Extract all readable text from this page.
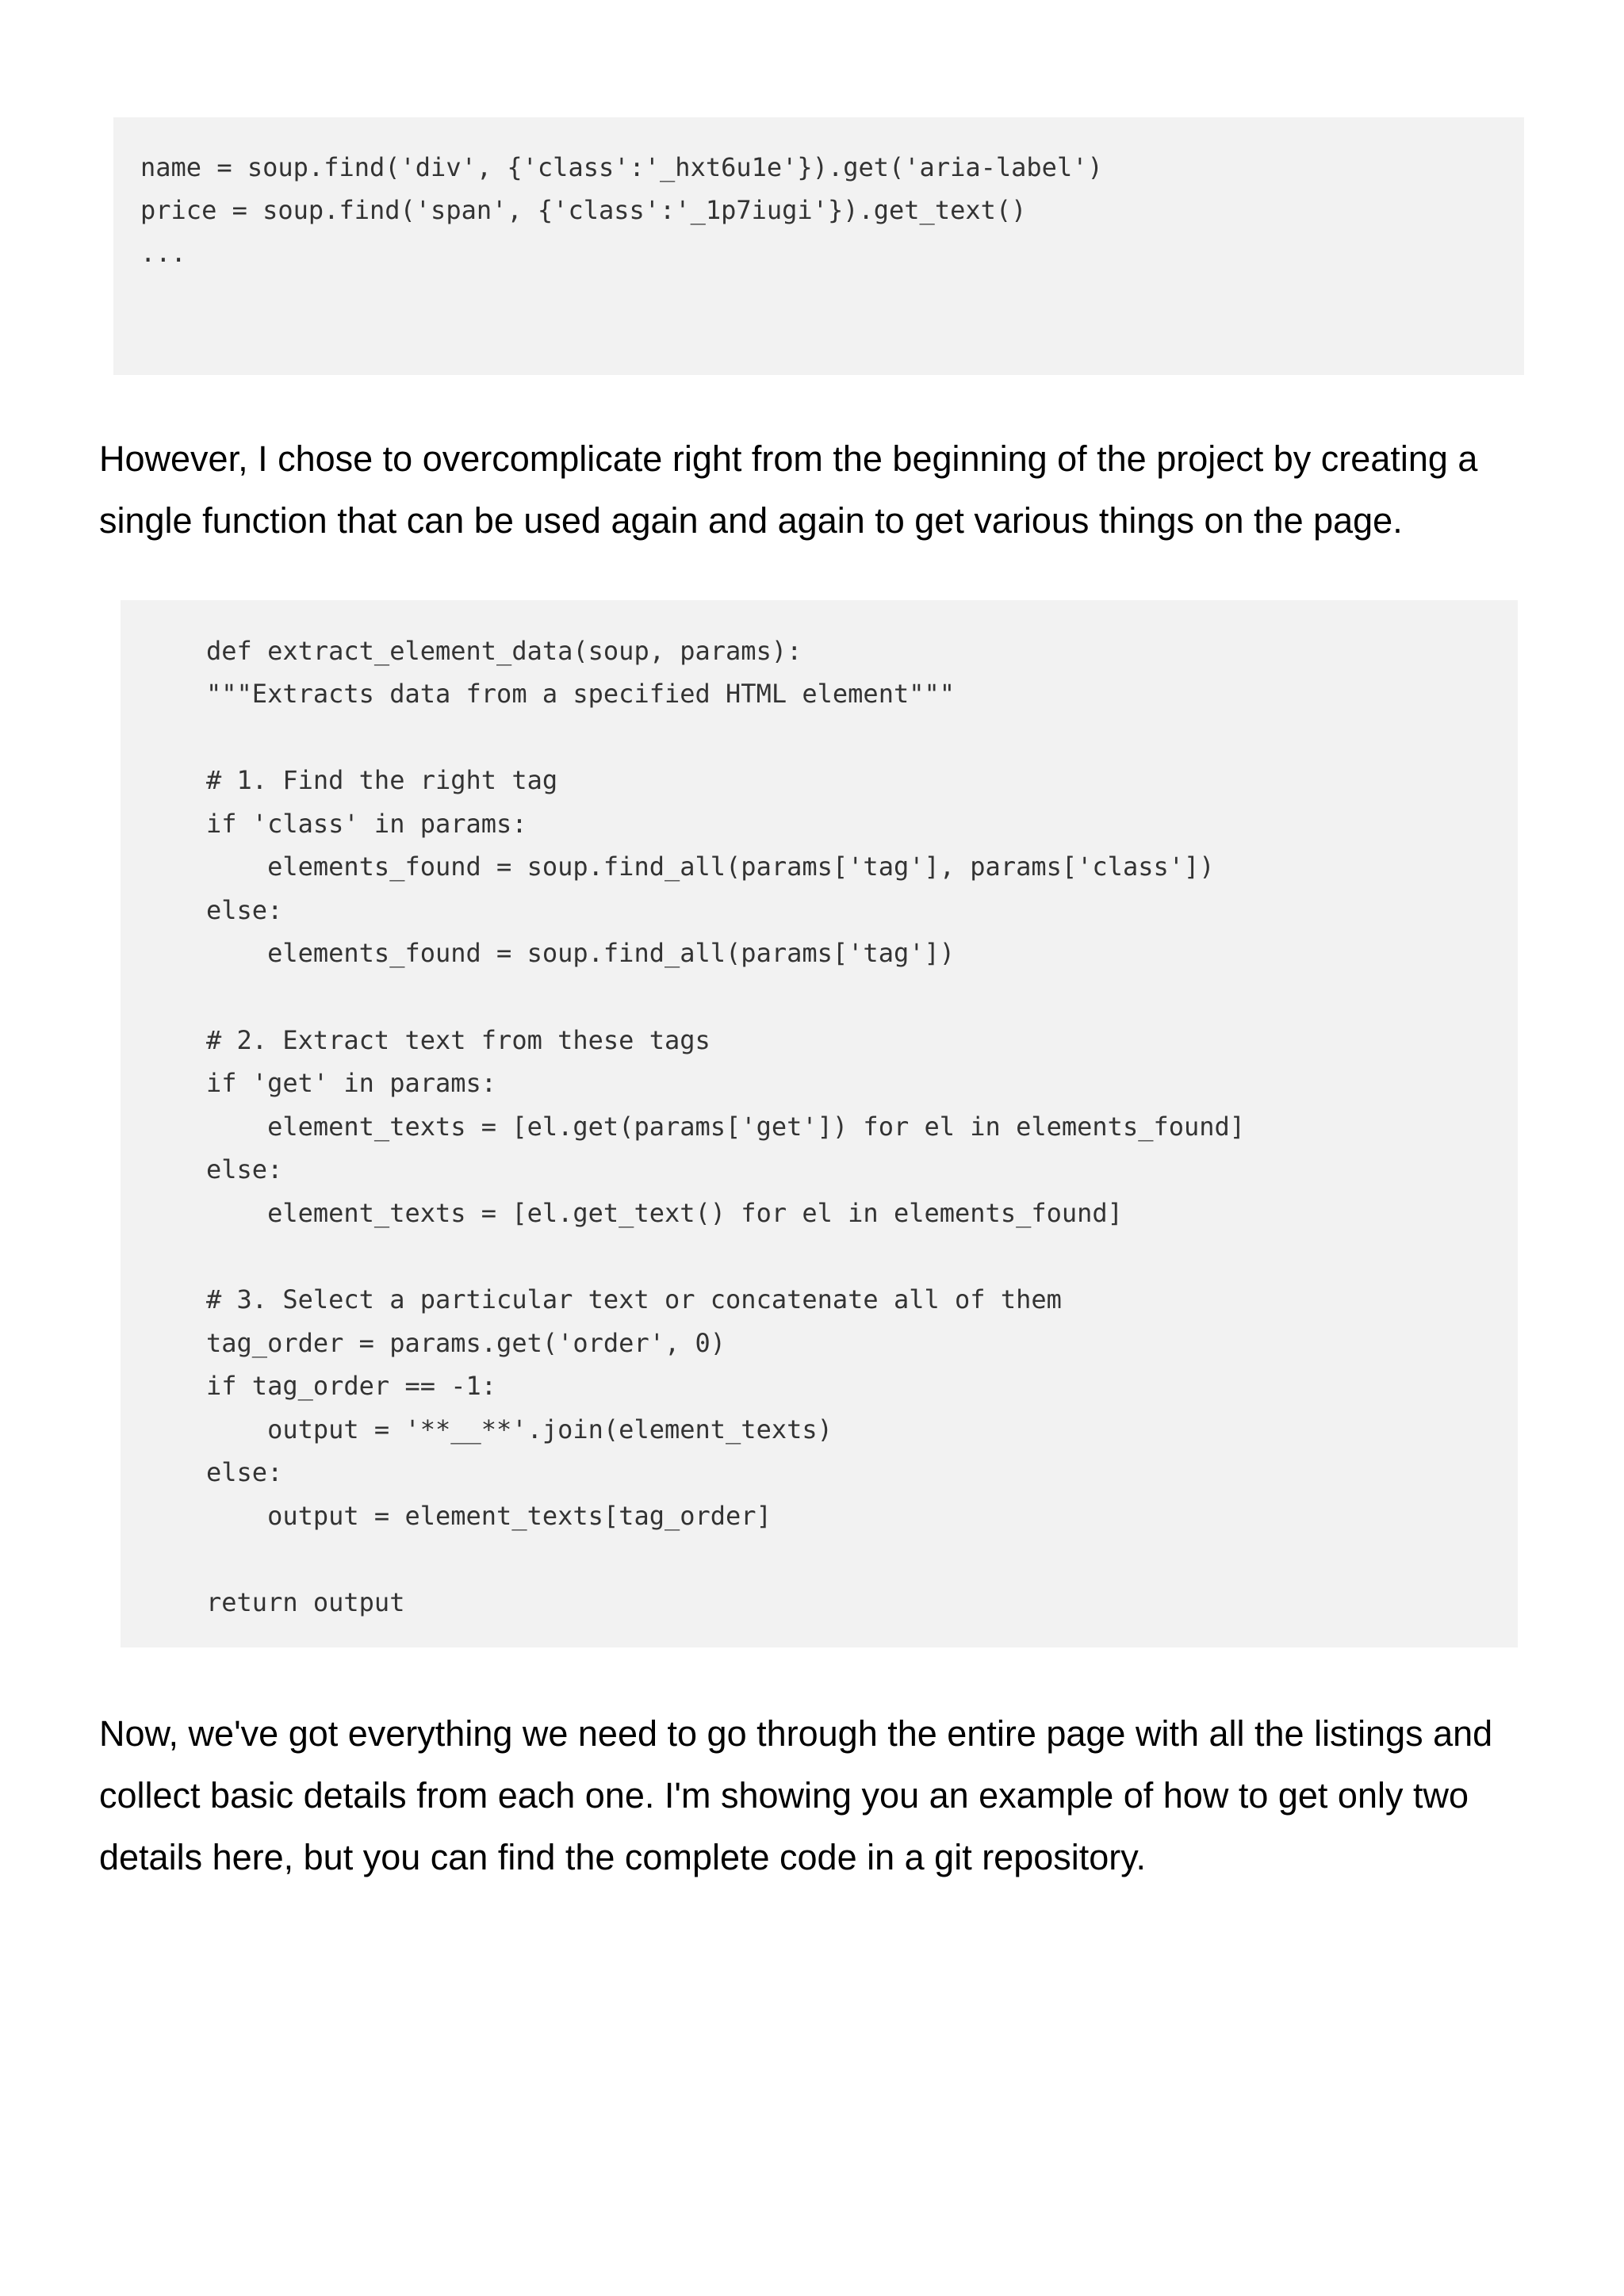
name = soup.find('div', {'class':'_hxt6u1e'}).get('aria-label')
price = soup.find('span', {'class':'_1p7iugi'}).get_text()
...

However, I chose to overcomplicate right from the beginning of the project by creating a
single function that can be used again and again to get various things on the page.

def extract_element_data(soup, params):
"""Extracts data from a specified HTML element"""
# 1. Find the right tag
if 'class' in params:
elements_found = soup.find_all(params['tag'], params['class'])
else:
elements_found = soup.find_all(params['tag'])
# 2. Extract text from these tags
if 'get' in params:
element_texts = [el.get(params['get']) for el in elements_found]
else:
element_texts = [el.get_text() for el in elements_found]
# 3. Select a particular text or concatenate all of them
tag_order = params.get('order', 0)
if tag_order == -1:
output = '**__**'.join(element_texts)
else:
output = element_texts[tag_order]
return output

Now, we've got everything we need to go through the entire page with all the listings and
collect basic details from each one. I'm showing you an example of how to get only two
details here, but you can find the complete code in a git repository.
